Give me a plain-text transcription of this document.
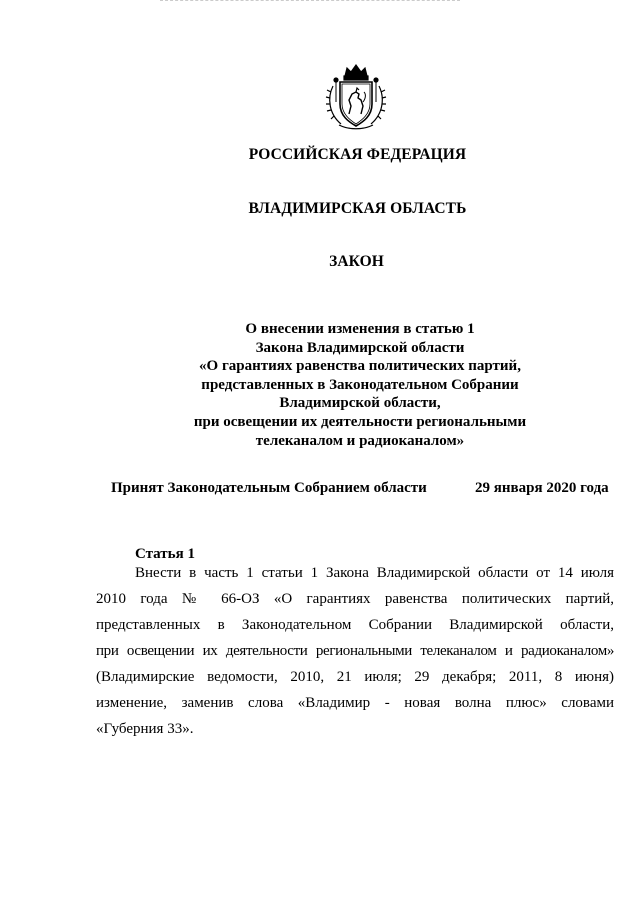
РОССИЙСКАЯ ФЕДЕРАЦИЯ
ВЛАДИМИРСКАЯ ОБЛАСТЬ
ЗАКОН
О внесении изменения в статью 1
Закона Владимирской области
«О гарантиях равенства политических партий,
представленных в Законодательном Собрании
Владимирской области,
при освещении их деятельности региональными
телеканалом и радиоканалом»
Принят Законодательным Собранием области	29 января 2020 года
Статья 1
Внести в часть 1 статьи 1 Закона Владимирской области от 14 июля
2010 года № 66-ОЗ «О гарантиях равенства политических партий,
представленных в Законодательном Собрании Владимирской области,
при освещении их деятельности региональными телеканалом и радиоканалом»
(Владимирские ведомости, 2010, 21 июля; 29 декабря; 2011, 8 июня)
изменение, заменив слова «Владимир - новая волна плюс» словами
«Губерния 33».
